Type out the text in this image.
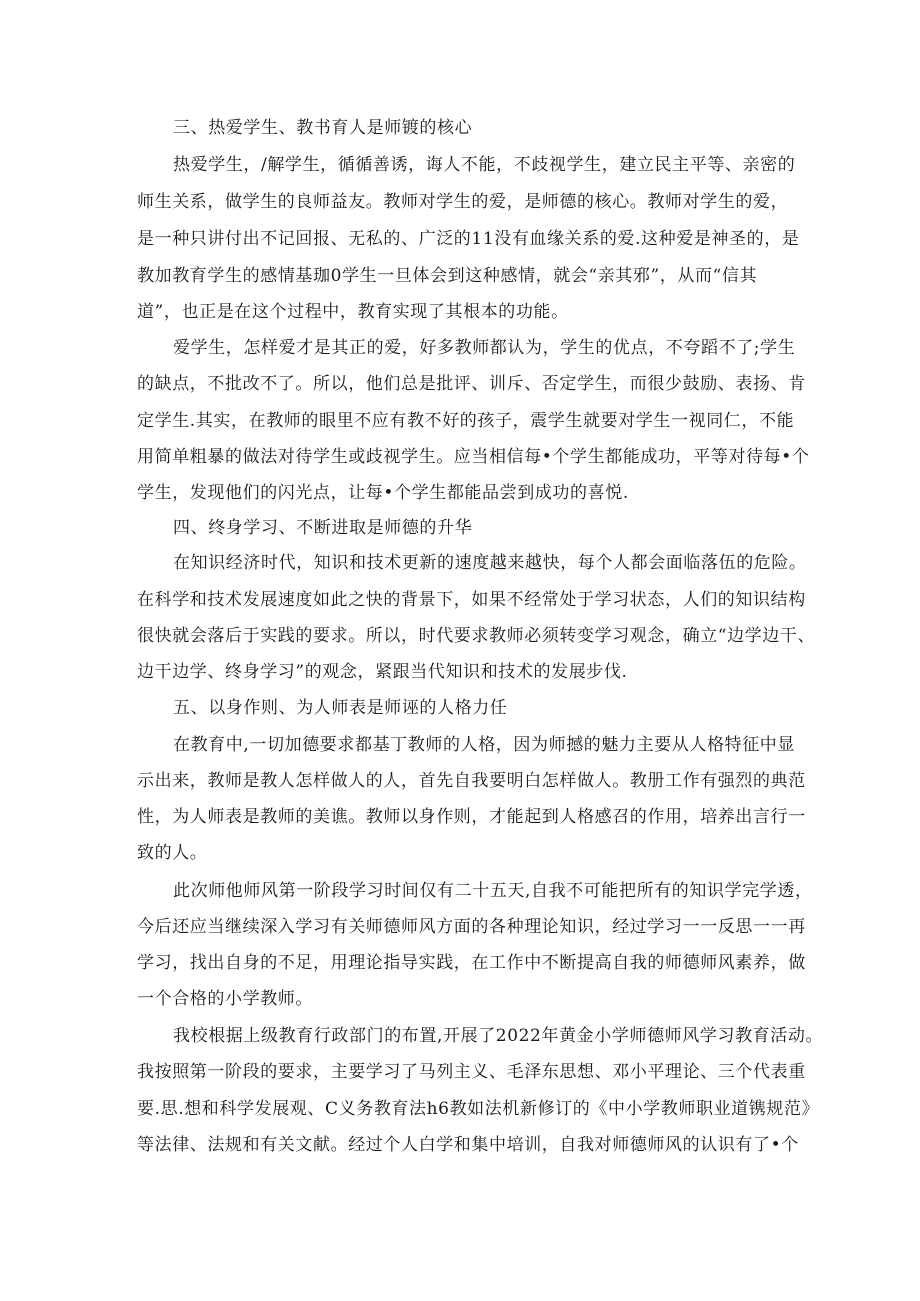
三、热爱学生、教书育人是师镀的核心
热爱学生，/解学生，循循善诱，诲人不能，不歧视学生，建立民主平等、亲密的
师生关系，做学生的良师益友。教师对学生的爱，是师德的核心。教师对学生的爱，
是一种只讲付出不记回报、无私的、广泛的11没有血缘关系的爱.这种爱是神圣的，是
教加教育学生的感情基珈0学生一旦体会到这种感情，就会“亲其邪”，从而“信其
道”，也正是在这个过程中，教育实现了其根本的功能。
爱学生，怎样爱才是其正的爱，好多教师都认为，学生的优点，不夸蹈不了;学生
的缺点，不批改不了。所以，他们总是批评、训斥、否定学生，而很少鼓励、表扬、肯
定学生.其实，在教师的眼里不应有教不好的孩子，震学生就要对学生一视同仁，不能
用简单粗暴的做法对待学生或歧视学生。应当相信每•个学生都能成功，平等对待每•个
学生，发现他们的闪光点，让每•个学生都能品尝到成功的喜悦.
四、终身学习、不断进取是师德的升华
在知识经济时代，知识和技术更新的速度越来越快，每个人都会面临落伍的危险。
在科学和技术发展速度如此之快的背景下，如果不经常处于学习状态，人们的知识结构
很快就会落后于实践的要求。所以，时代要求教师必须转变学习观念，确立“边学边干、
边干边学、终身学习”的观念，紧跟当代知识和技术的发展步伐.
五、以身作则、为人师表是师诬的人格力任
在教育中,一切加德要求都基丁教师的人格，因为师撼的魅力主要从人格特征中显
示出来，教师是教人怎样做人的人，首先自我要明白怎样做人。教册工作有强烈的典范
性，为人师表是教师的美谯。教师以身作则，才能起到人格感召的作用，培养出言行一
致的人。
此次师他师风第一阶段学习时间仅有二十五天,自我不可能把所有的知识学完学透，
今后还应当继续深入学习有关师德师风方面的各种理论知识，经过学习一一反思一一再
学习，找出自身的不足，用理论指导实践，在工作中不断提高自我的师德师风素养，做
一个合格的小学教师。
我校根据上级教育行政部门的布置,开展了2022年黄金小学师德师风学习教育活动。
我按照第一阶段的要求，主要学习了马列主义、毛泽东思想、邓小平理论、三个代表重
要.思.想和科学发展观、C义务教育法h6教如法机新修订的《中小学教师职业道镌规范》
等法律、法规和有关文献。经过个人白学和集中培训，自我对师德师风的认识有了•个
